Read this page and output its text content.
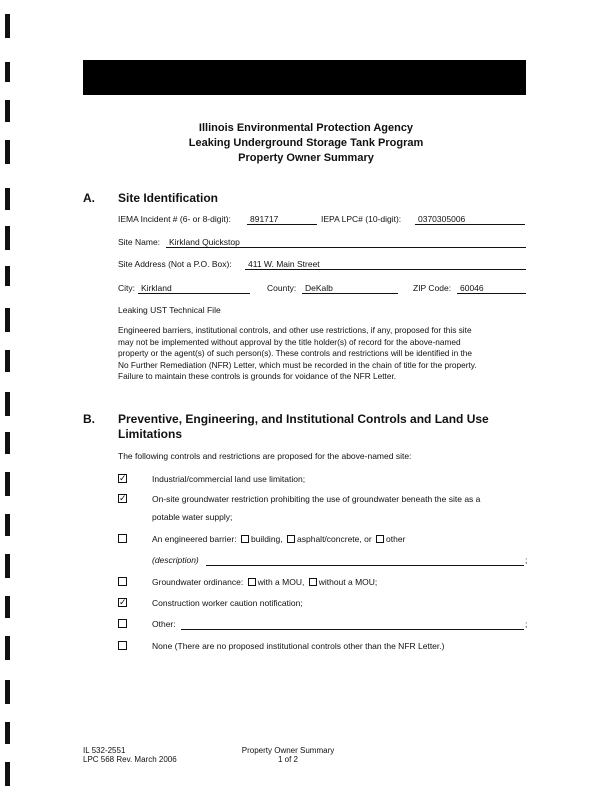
Illinois Environmental Protection Agency
Leaking Underground Storage Tank Program
Property Owner Summary
A. Site Identification
IEMA Incident # (6- or 8-digit):	891717	IEPA LPC# (10-digit):	0370305006
Site Name:	Kirkland Quickstop
Site Address (Not a P.O. Box):	411 W. Main Street
City: Kirkland	County:	DeKalb	ZIP Code:	60046
Leaking UST Technical File
Engineered barriers, institutional controls, and other use restrictions, if any, proposed for this site
may not be implemented without approval by the title holder(s) of record for the above-named
property or the agent(s) of such person(s). These controls and restrictions will be identified in the
No Further Remediation (NFR) Letter, which must be recorded in the chain of title for the property.
Failure to maintain these controls is grounds for voidance of the NFR Letter.
B. Preventive, Engineering, and Institutional Controls and Land Use
Limitations
The following controls and restrictions are proposed for the above-named site:
✓	Industrial/commercial land use limitation;
✓	On-site groundwater restriction prohibiting the use of groundwater beneath the site as a
potable water supply;
An engineered barrier: building, asphalt/concrete, or other
(description)	;
Groundwater ordinance: with a MOU, without a MOU;
✓	Construction worker caution notification;
Other:	;
None (There are no proposed institutional controls other than the NFR Letter.)
IL 532-2551
LPC 568 Rev. March 2006
Property Owner Summary
1 of 2
